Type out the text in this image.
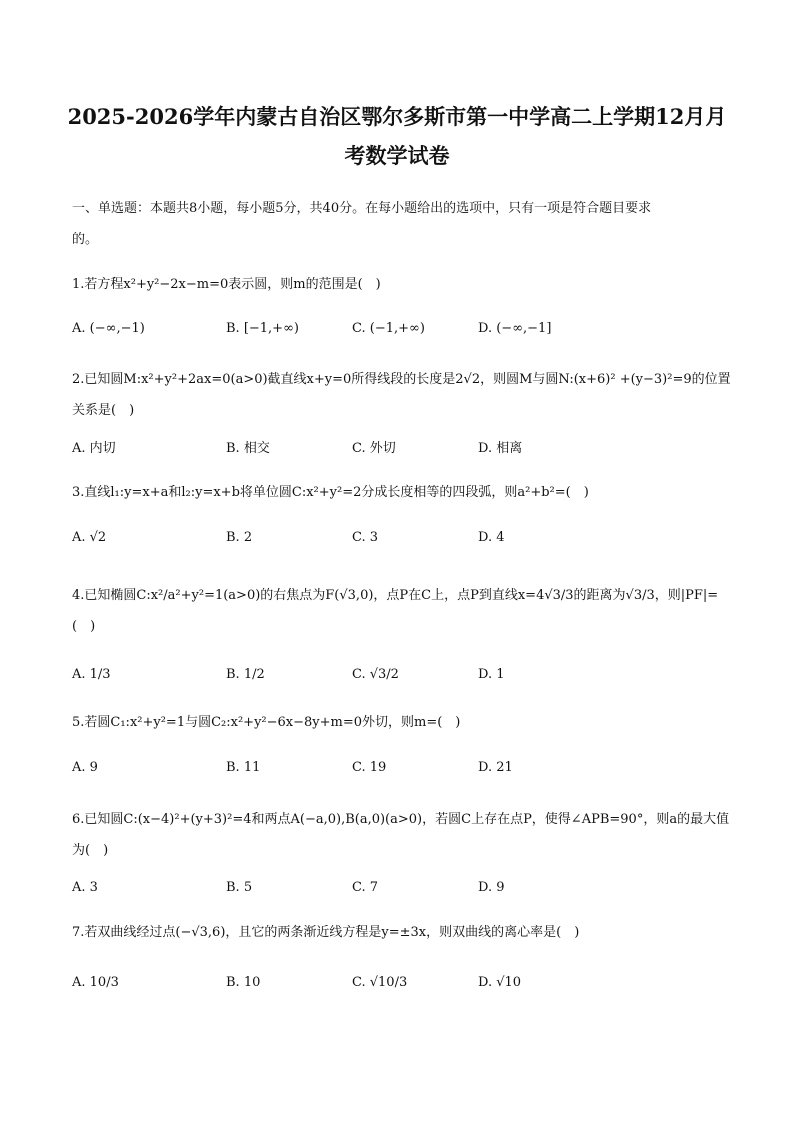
2025-2026学年内蒙古自治区鄂尔多斯市第一中学高二上学期12月月
考数学试卷
一、单选题：本题共8小题，每小题5分，共40分。在每小题给出的选项中，只有一项是符合题目要求
的。
1.若方程x²+y²−2x−m=0表示圆，则m的范围是(　)
A. (−∞,−1)	B. [−1,+∞)	C. (−1,+∞)	D. (−∞,−1]
2.已知圆M:x²+y²+2ax=0(a>0)截直线x+y=0所得线段的长度是2√2，则圆M与圆N:(x+6)² +(y−3)²=9的位置关系是(　)
A. 内切	B. 相交	C. 外切	D. 相离
3.直线l₁:y=x+a和l₂:y=x+b将单位圆C:x²+y²=2分成长度相等的四段弧，则a²+b²=(　)
A. √2	B. 2	C. 3	D. 4
4.已知椭圆C:x²/a²+y²=1(a>0)的右焦点为F(√3,0)，点P在C上，点P到直线x=4√3/3的距离为√3/3，则|PF|=(　)
A. 1/3	B. 1/2	C. √3/2	D. 1
5.若圆C₁:x²+y²=1与圆C₂:x²+y²−6x−8y+m=0外切，则m=(　)
A. 9	B. 11	C. 19	D. 21
6.已知圆C:(x−4)²+(y+3)²=4和两点A(−a,0),B(a,0)(a>0)，若圆C上存在点P，使得∠APB=90°，则a的最大值为(　)
A. 3	B. 5	C. 7	D. 9
7.若双曲线经过点(−√3,6)，且它的两条渐近线方程是y=±3x，则双曲线的离心率是(　)
A. 10/3	B. 10	C. √10/3	D. √10
